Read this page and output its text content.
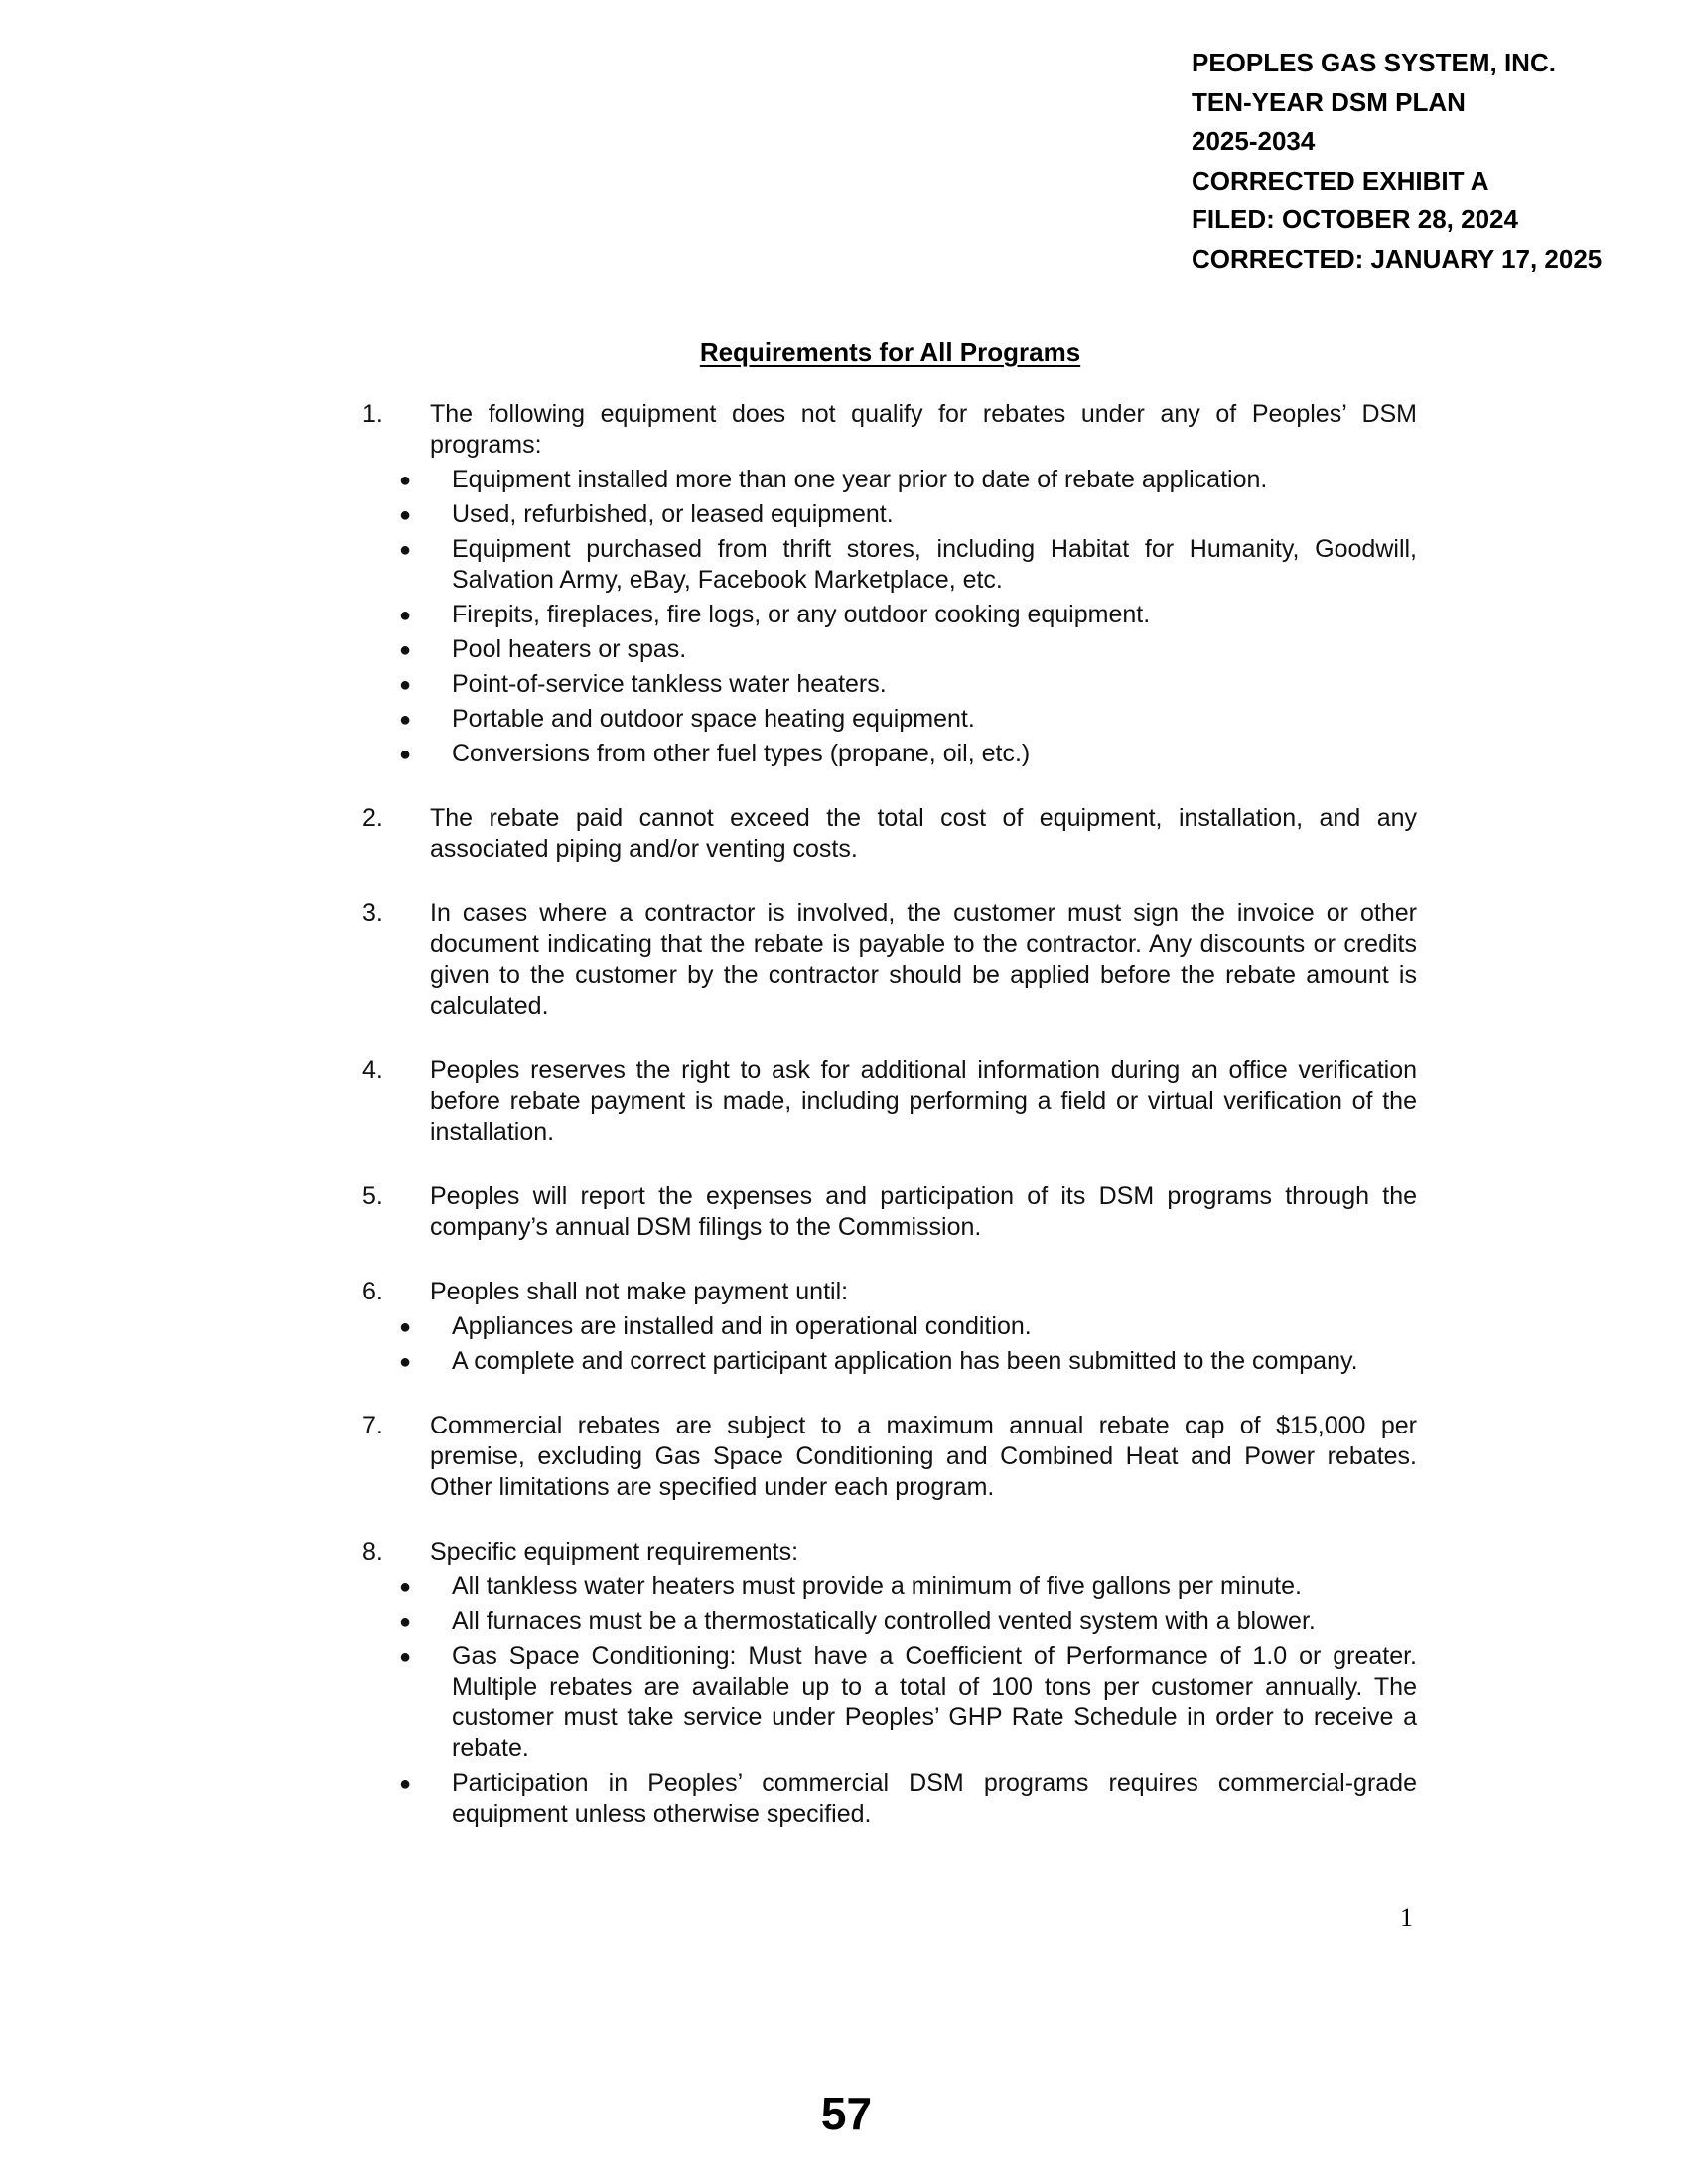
PEOPLES GAS SYSTEM, INC.
TEN-YEAR DSM PLAN
2025-2034
CORRECTED EXHIBIT A
FILED: OCTOBER 28, 2024
CORRECTED: JANUARY 17, 2025
Requirements for All Programs
1.	The following equipment does not qualify for rebates under any of Peoples’ DSM programs:
●	Equipment installed more than one year prior to date of rebate application.
●	Used, refurbished, or leased equipment.
●	Equipment purchased from thrift stores, including Habitat for Humanity, Goodwill, Salvation Army, eBay, Facebook Marketplace, etc.
●	Firepits, fireplaces, fire logs, or any outdoor cooking equipment.
●	Pool heaters or spas.
●	Point-of-service tankless water heaters.
●	Portable and outdoor space heating equipment.
●	Conversions from other fuel types (propane, oil, etc.)
2.	The rebate paid cannot exceed the total cost of equipment, installation, and any associated piping and/or venting costs.
3.	In cases where a contractor is involved, the customer must sign the invoice or other document indicating that the rebate is payable to the contractor. Any discounts or credits given to the customer by the contractor should be applied before the rebate amount is calculated.
4.	Peoples reserves the right to ask for additional information during an office verification before rebate payment is made, including performing a field or virtual verification of the installation.
5.	Peoples will report the expenses and participation of its DSM programs through the company’s annual DSM filings to the Commission.
6.	Peoples shall not make payment until:
●	Appliances are installed and in operational condition.
●	A complete and correct participant application has been submitted to the company.
7.	Commercial rebates are subject to a maximum annual rebate cap of $15,000 per premise, excluding Gas Space Conditioning and Combined Heat and Power rebates. Other limitations are specified under each program.
8.	Specific equipment requirements:
●	All tankless water heaters must provide a minimum of five gallons per minute.
●	All furnaces must be a thermostatically controlled vented system with a blower.
●	Gas Space Conditioning: Must have a Coefficient of Performance of 1.0 or greater. Multiple rebates are available up to a total of 100 tons per customer annually. The customer must take service under Peoples’ GHP Rate Schedule in order to receive a rebate.
●	Participation in Peoples’ commercial DSM programs requires commercial-grade equipment unless otherwise specified.
1
57
